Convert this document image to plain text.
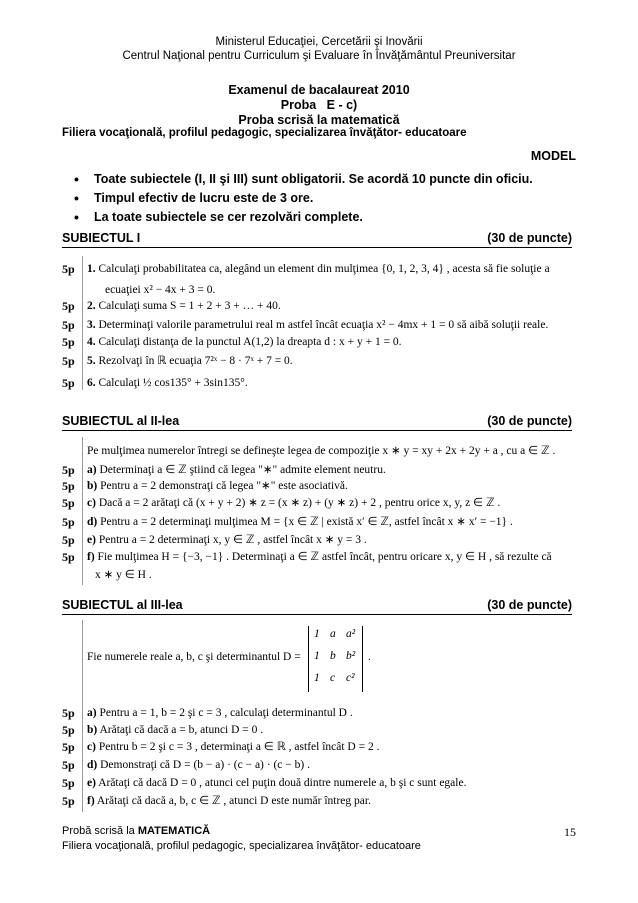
Ministerul Educaţiei, Cercetării şi Inovării
Centrul Naţional pentru Curriculum şi Evaluare în Învăţământul Preuniversitar
Examenul de bacalaureat 2010
Proba   E - c)
Proba scrisă la matematică
Filiera vocaţională, profilul pedagogic, specializarea învăţător- educatoare
MODEL
• Toate subiectele (I, II şi III) sunt obligatorii. Se acordă 10 puncte din oficiu.
• Timpul efectiv de lucru este de 3 ore.
• La toate subiectele se cer rezolvări complete.
SUBIECTUL I	(30 de puncte)
5p 1. Calculaţi probabilitatea ca, alegând un element din mulţimea {0, 1, 2, 3, 4} , acesta să fie soluţie a
ecuaţiei x² − 4x + 3 = 0.
5p 2. Calculaţi suma S = 1 + 2 + 3 + … + 40.
5p 3. Determinaţi valorile parametrului real m astfel încât ecuaţia x² − 4mx + 1 = 0 să aibă soluţii reale.
5p 4. Calculaţi distanţa de la punctul A(1,2) la dreapta d : x + y + 1 = 0.
5p 5. Rezolvaţi în ℝ ecuaţia 7²ˣ − 8 · 7ˣ + 7 = 0.
5p 6. Calculaţi ½ cos135° + 3sin135°.
SUBIECTUL al II-lea	(30 de puncte)
Pe mulţimea numerelor întregi se defineşte legea de compoziţie x ∗ y = xy + 2x + 2y + a , cu a ∈ ℤ .
5p a) Determinaţi a ∈ ℤ ştiind că legea "∗" admite element neutru.
5p b) Pentru a = 2 demonstraţi că legea "∗" este asociativă.
5p c) Dacă a = 2 arătaţi că (x + y + 2) ∗ z = (x ∗ z) + (y ∗ z) + 2 , pentru orice x, y, z ∈ ℤ .
5p d) Pentru a = 2 determinaţi mulţimea M = {x ∈ ℤ | există x′ ∈ ℤ, astfel încât x ∗ x′ = −1} .
5p e) Pentru a = 2 determinaţi x, y ∈ ℤ , astfel încât x ∗ y = 3 .
5p f) Fie mulţimea H = {−3, −1} . Determinaţi a ∈ ℤ astfel încât, pentru oricare x, y ∈ H , să rezulte că
x ∗ y ∈ H .
SUBIECTUL al III-lea	(30 de puncte)
Fie numerele reale a, b, c şi determinantul D =
1 a a²
1 b b²
1 c c²
.
5p a) Pentru a = 1, b = 2 şi c = 3 , calculaţi determinantul D .
5p b) Arătaţi că dacă a = b, atunci D = 0 .
5p c) Pentru b = 2 şi c = 3 , determinaţi a ∈ ℝ , astfel încât D = 2 .
5p d) Demonstraţi că D = (b − a) · (c − a) · (c − b) .
5p e) Arătaţi că dacă D = 0 , atunci cel puţin două dintre numerele a, b şi c sunt egale.
5p f) Arătaţi că dacă a, b, c ∈ ℤ , atunci D este număr întreg par.
Probă scrisă la MATEMATICĂ
Filiera vocaţională, profilul pedagogic, specializarea învăţător- educatoare
15
